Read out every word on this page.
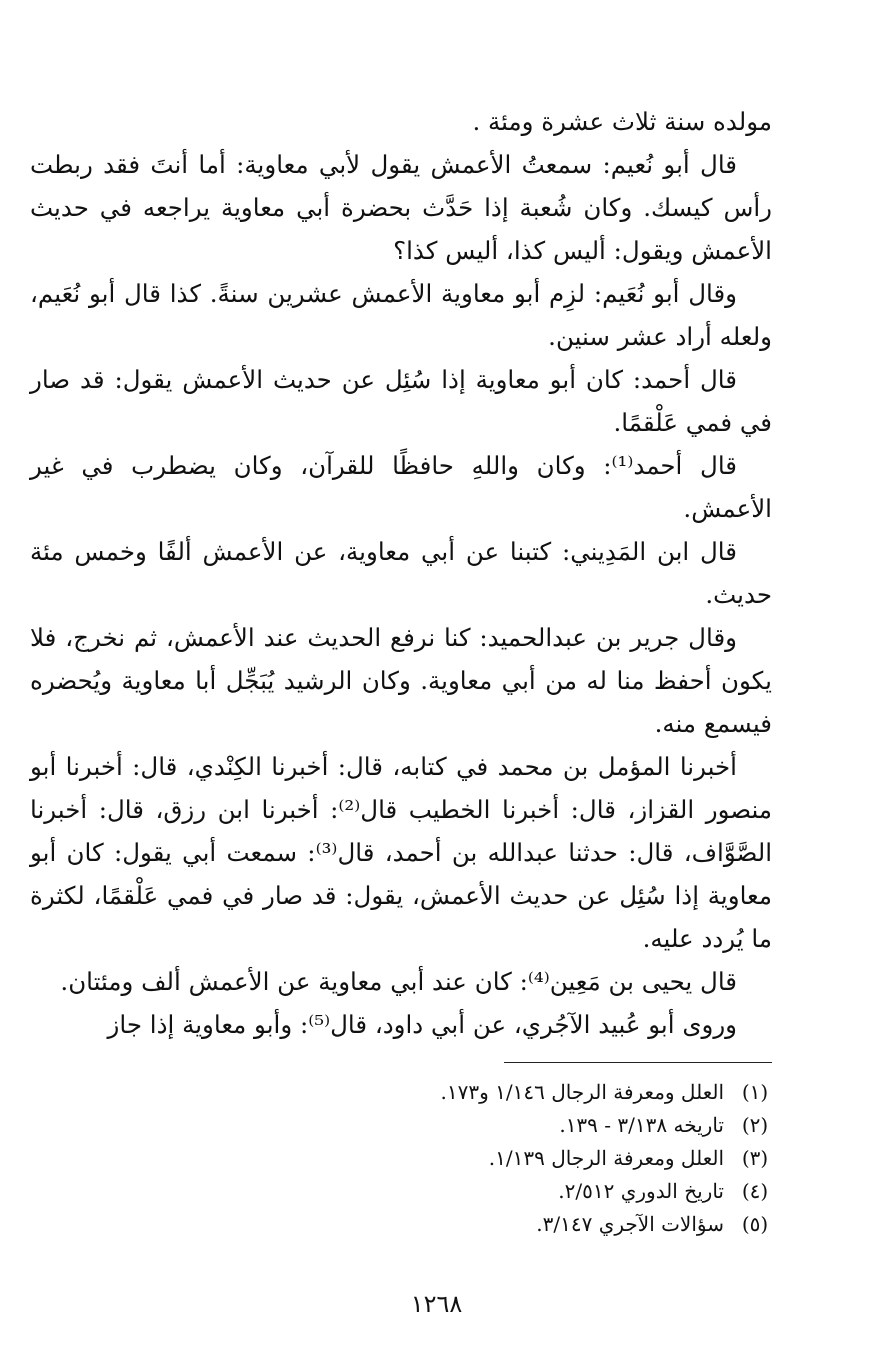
مولده سنة ثلاث عشرة ومئة .

قال أبو نُعيم: سمعتُ الأعمش يقول لأبي معاوية: أما أنتَ فقد ربطت رأس كيسك. وكان شُعبة إذا حَدَّث بحضرة أبي معاوية يراجعه في حديث الأعمش ويقول: أليس كذا، أليس كذا؟

وقال أبو نُعَيم: لزِم أبو معاوية الأعمش عشرين سنةً. كذا قال أبو نُعَيم، ولعله أراد عشر سنين.

قال أحمد: كان أبو معاوية إذا سُئِل عن حديث الأعمش يقول: قد صار في فمي عَلْقمًا.

قال أحمد⁽¹⁾: وكان واللهِ حافظًا للقرآن، وكان يضطرب في غير الأعمش.

قال ابن المَدِيني: كتبنا عن أبي معاوية، عن الأعمش ألفًا وخمس مئة حديث.

وقال جرير بن عبدالحميد: كنا نرفع الحديث عند الأعمش، ثم نخرج، فلا يكون أحفظ منا له من أبي معاوية. وكان الرشيد يُبَجِّل أبا معاوية ويُحضره فيسمع منه.

أخبرنا المؤمل بن محمد في كتابه، قال: أخبرنا الكِنْدي، قال: أخبرنا أبو منصور القزاز، قال: أخبرنا الخطيب قال⁽²⁾: أخبرنا ابن رزق، قال: أخبرنا الصَّوَّاف، قال: حدثنا عبدالله بن أحمد، قال⁽³⁾: سمعت أبي يقول: كان أبو معاوية إذا سُئِل عن حديث الأعمش، يقول: قد صار في فمي عَلْقمًا، لكثرة ما يُردد عليه.

قال يحيى بن مَعِين⁽⁴⁾: كان عند أبي معاوية عن الأعمش ألف ومئتان.

وروى أبو عُبيد الآجُري، عن أبي داود، قال⁽⁵⁾: وأبو معاوية إذا جاز

(١)
العلل ومعرفة الرجال ١/١٤٦ و١٧٣.
(٢)
تاريخه ٣/١٣٨ - ١٣٩.
(٣)
العلل ومعرفة الرجال ١/١٣٩.
(٤)
تاريخ الدوري ٢/٥١٢.
(٥)
سؤالات الآجري ٣/١٤٧.
١٢٦٨
